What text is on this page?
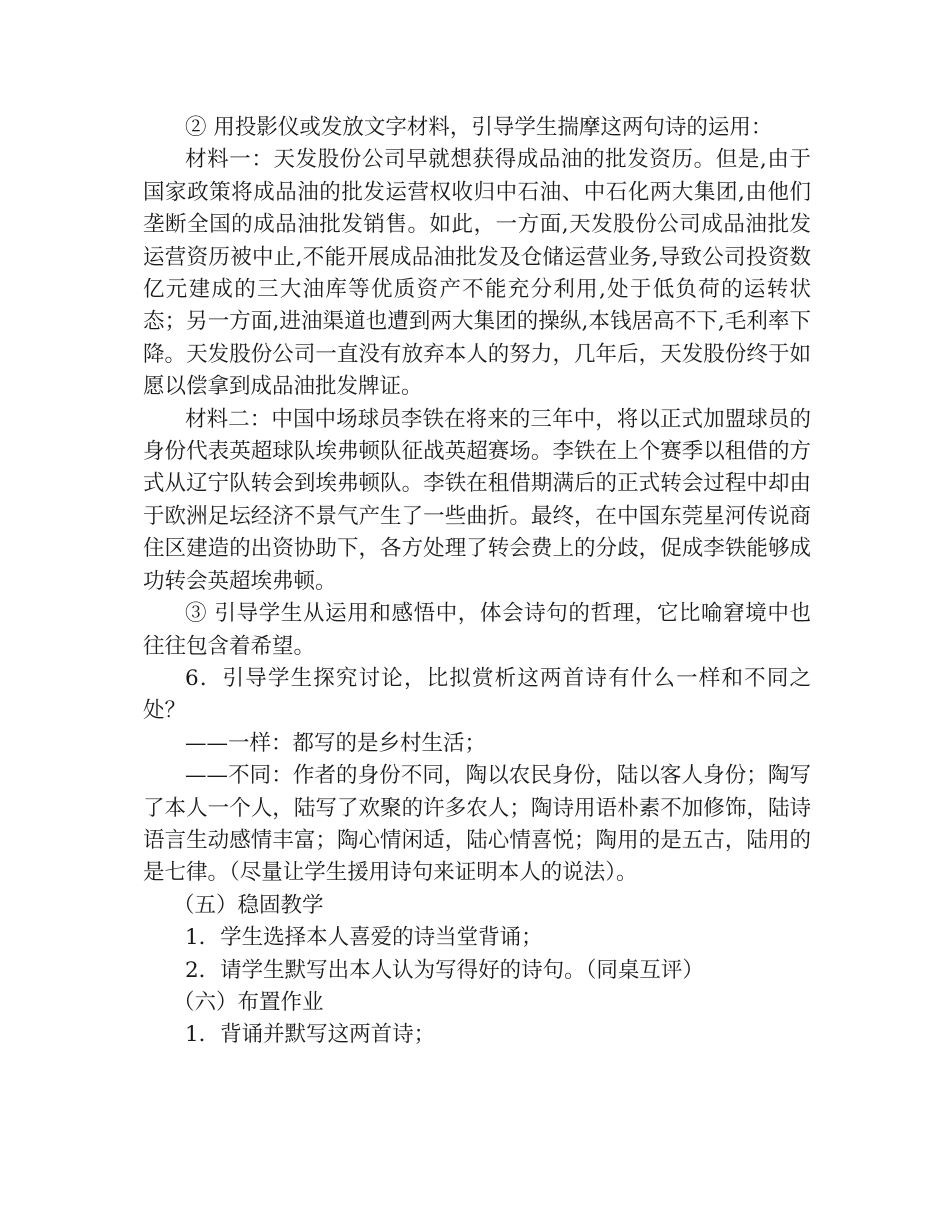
② 用投影仪或发放文字材料，引导学生揣摩这两句诗的运用：

材料一：天发股份公司早就想获得成品油的批发资历。但是,由于国家政策将成品油的批发运营权收归中石油、中石化两大集团,由他们垄断全国的成品油批发销售。如此，一方面,天发股份公司成品油批发运营资历被中止,不能开展成品油批发及仓储运营业务,导致公司投资数亿元建成的三大油库等优质资产不能充分利用,处于低负荷的运转状态；另一方面,进油渠道也遭到两大集团的操纵,本钱居高不下,毛利率下降。天发股份公司一直没有放弃本人的努力，几年后，天发股份终于如愿以偿拿到成品油批发牌证。

材料二：中国中场球员李铁在将来的三年中，将以正式加盟球员的身份代表英超球队埃弗顿队征战英超赛场。李铁在上个赛季以租借的方式从辽宁队转会到埃弗顿队。李铁在租借期满后的正式转会过程中却由于欧洲足坛经济不景气产生了一些曲折。最终，在中国东莞星河传说商住区建造的出资协助下，各方处理了转会费上的分歧，促成李铁能够成功转会英超埃弗顿。

③ 引导学生从运用和感悟中，体会诗句的哲理，它比喻窘境中也往往包含着希望。

6．引导学生探究讨论，比拟赏析这两首诗有什么一样和不同之处？

——一样：都写的是乡村生活；

——不同：作者的身份不同，陶以农民身份，陆以客人身份；陶写了本人一个人，陆写了欢聚的许多农人；陶诗用语朴素不加修饰，陆诗语言生动感情丰富；陶心情闲适，陆心情喜悦；陶用的是五古，陆用的是七律。（尽量让学生援用诗句来证明本人的说法）。

（五）稳固教学

1．学生选择本人喜爱的诗当堂背诵；

2．请学生默写出本人认为写得好的诗句。（同桌互评）

（六）布置作业

1．背诵并默写这两首诗；
